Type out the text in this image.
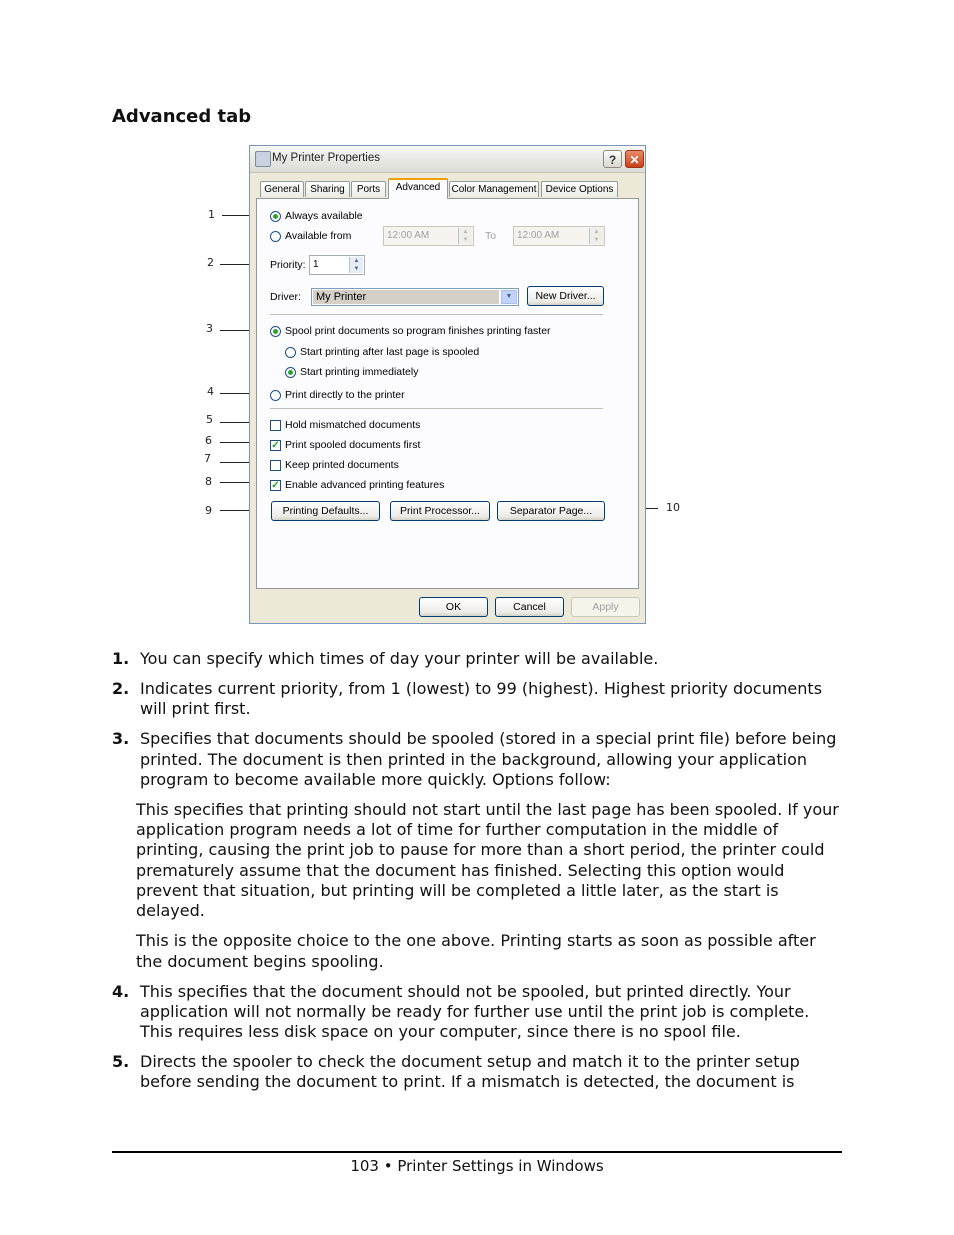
Advanced tab
1
2
3
4
5
6
7
8
9	10
My Printer Properties	?	✕
General	Sharing	Ports	Advanced	Color Management Device Options
Always available
Available from	12:00 AM	▲
▼	To	12:00 AM	▲
▼
Priority: 1	▲
▼
Driver: My Printer	▼	New Driver...
Spool print documents so program finishes printing faster
Start printing after last page is spooled
Start printing immediately
Print directly to the printer
Hold mismatched documents
✓ Print spooled documents first
Keep printed documents
✓ Enable advanced printing features
Printing Defaults...	Print Processor...	Separator Page...
OK	Cancel	Apply
1. You can specify which times of day your printer will be available.
2. Indicates current priority, from 1 (lowest) to 99 (highest). Highest priority documents will print first.
3. Specifies that documents should be spooled (stored in a special print file) before being printed. The document is then printed in the background, allowing your application program to become available more quickly. Options follow:
This specifies that printing should not start until the last page has been spooled. If your application program needs a lot of time for further computation in the middle of printing, causing the print job to pause for more than a short period, the printer could prematurely assume that the document has finished. Selecting this option would prevent that situation, but printing will be completed a little later, as the start is delayed.
This is the opposite choice to the one above. Printing starts as soon as possible after the document begins spooling.
4. This specifies that the document should not be spooled, but printed directly. Your application will not normally be ready for further use until the print job is complete. This requires less disk space on your computer, since there is no spool file.
5. Directs the spooler to check the document setup and match it to the printer setup before sending the document to print. If a mismatch is detected, the document is
103 • Printer Settings in Windows
